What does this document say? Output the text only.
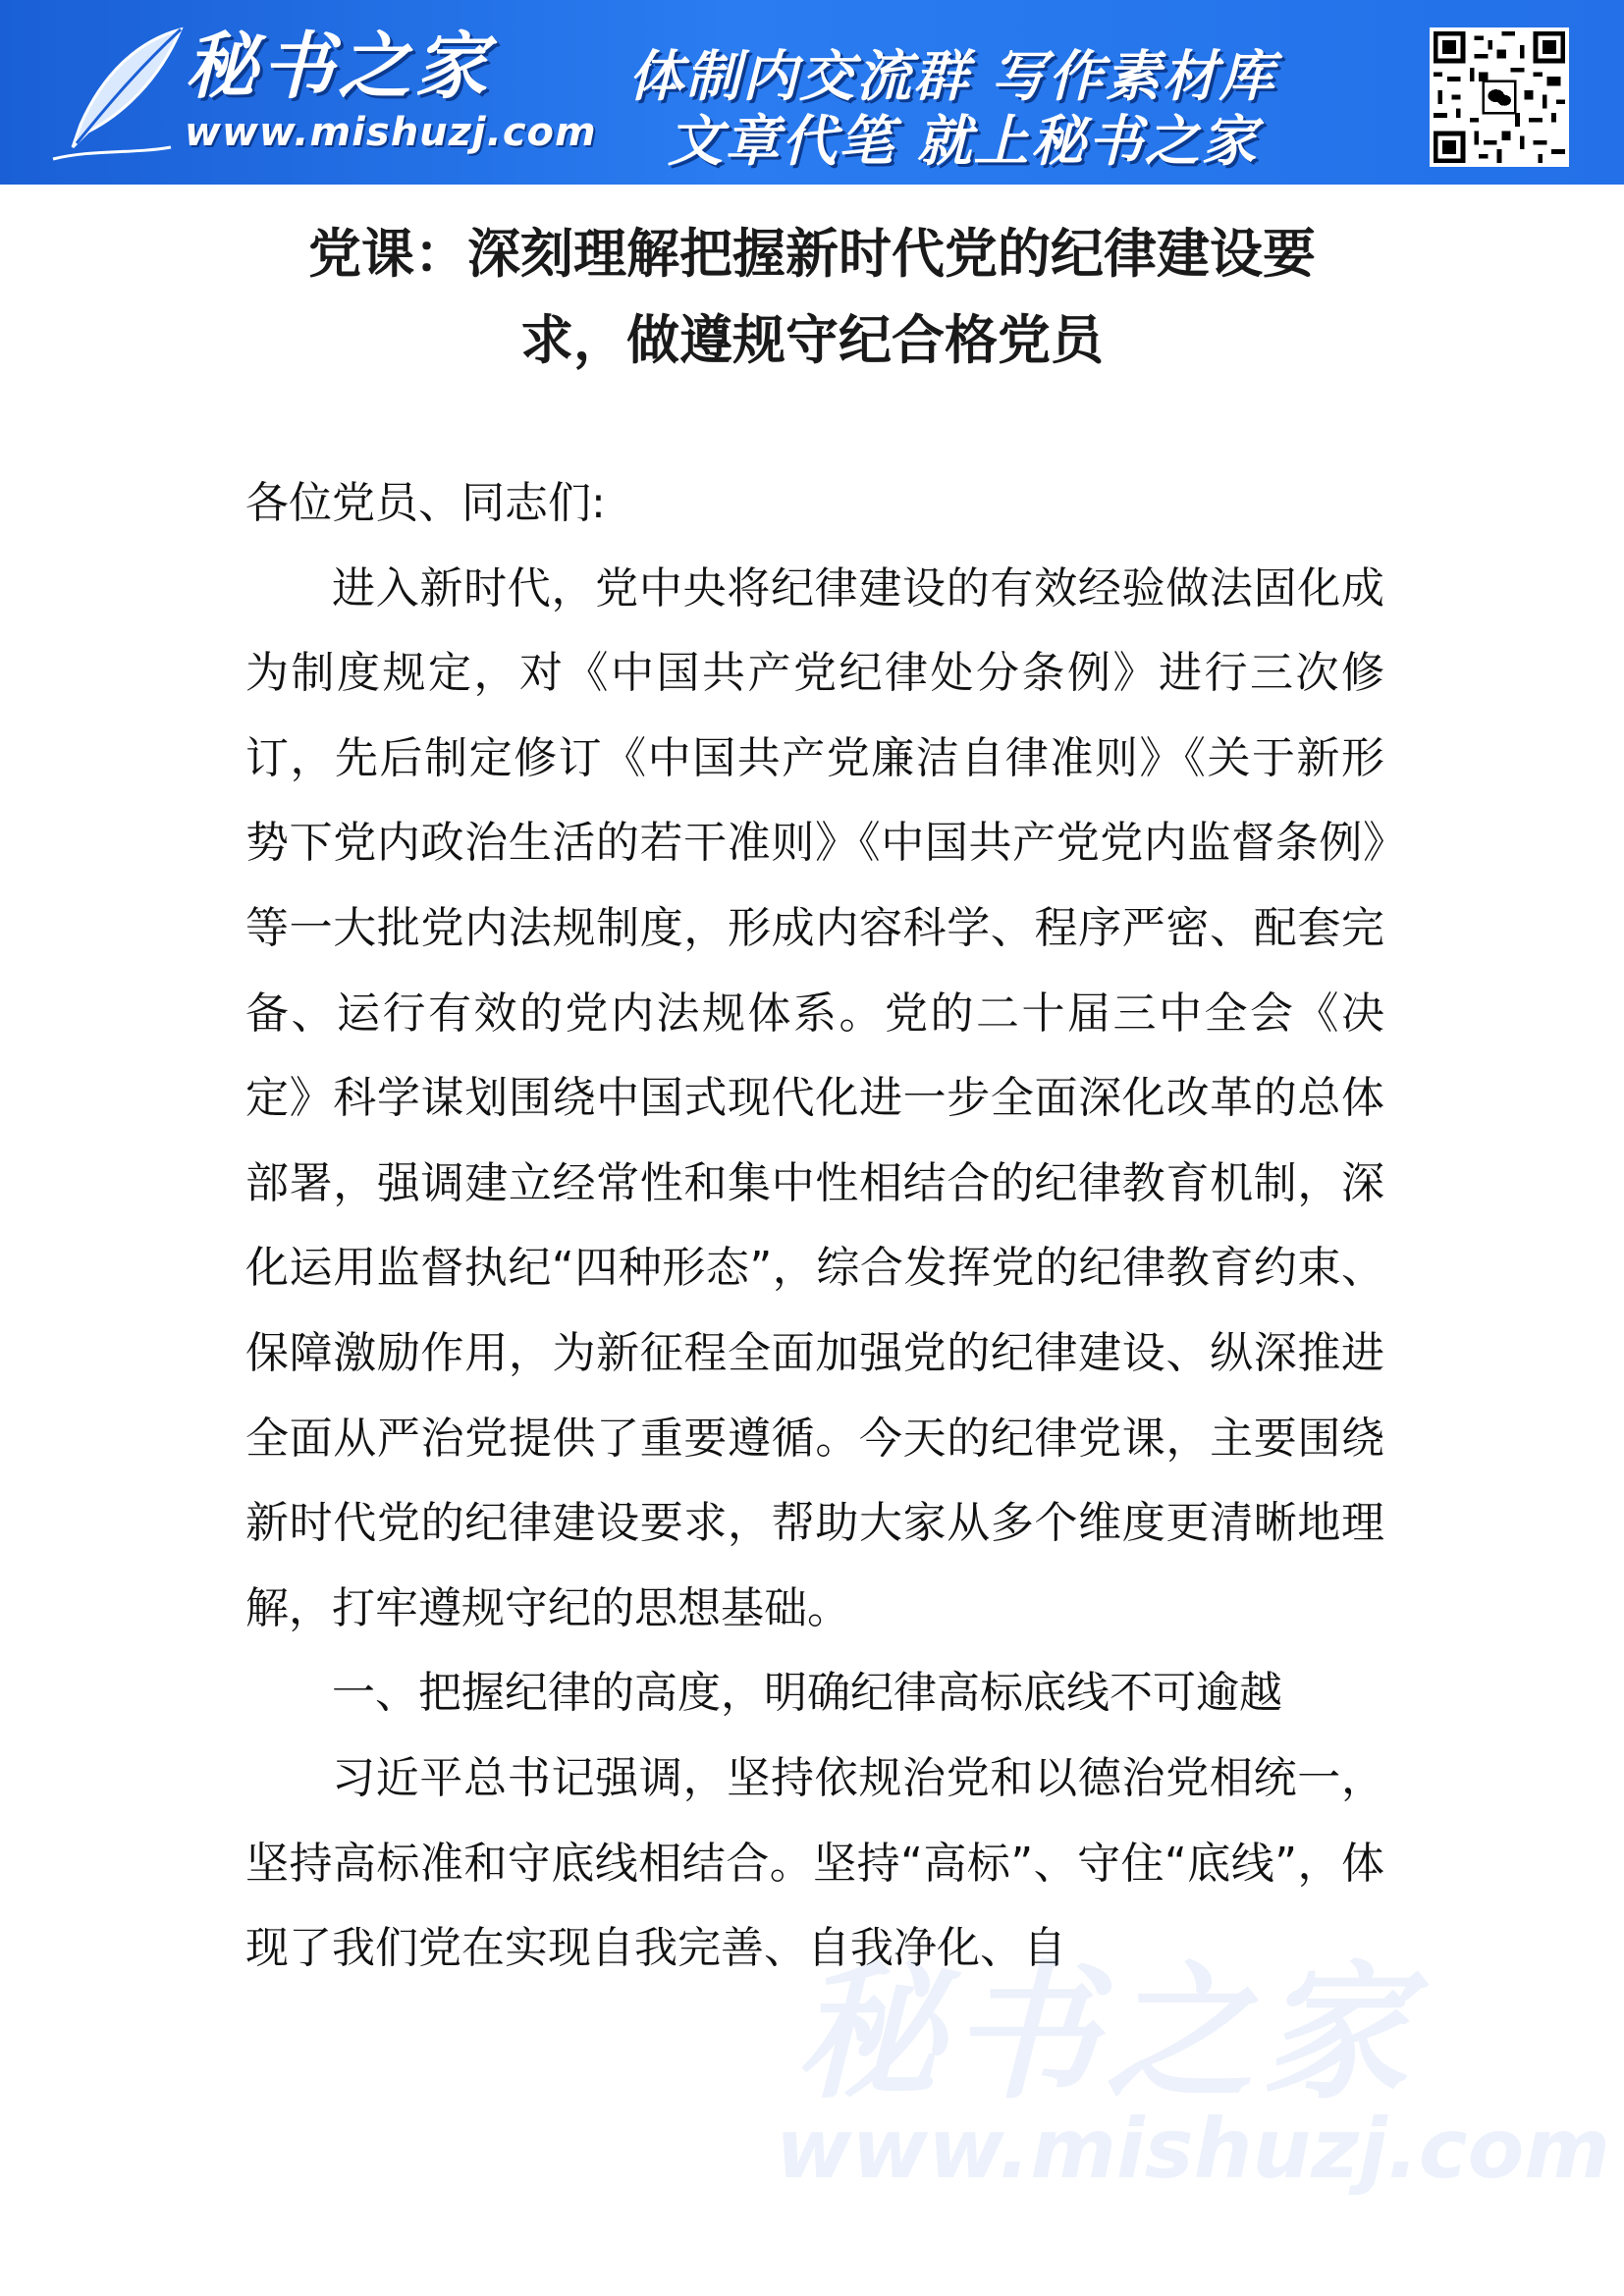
秘书之家
www.mishuzj.com
体制内交流群 写作素材库
文章代笔 就上秘书之家
党课：深刻理解把握新时代党的纪律建设要
求，做遵规守纪合格党员

各位党员、同志们:

进入新时代，党中央将纪律建设的有效经验做法固化成为制度规定，对《中国共产党纪律处分条例》进行三次修订，先后制定修订《中国共产党廉洁自律准则》《关于新形势下党内政治生活的若干准则》《中国共产党党内监督条例》等一大批党内法规制度，形成内容科学、程序严密、配套完备、运行有效的党内法规体系。党的二十届三中全会《决定》科学谋划围绕中国式现代化进一步全面深化改革的总体部署，强调建立经常性和集中性相结合的纪律教育机制，深化运用监督执纪“四种形态”，综合发挥党的纪律教育约束、保障激励作用，为新征程全面加强党的纪律建设、纵深推进全面从严治党提供了重要遵循。今天的纪律党课，主要围绕新时代党的纪律建设要求，帮助大家从多个维度更清晰地理解，打牢遵规守纪的思想基础。

一、把握纪律的高度，明确纪律高标底线不可逾越

习近平总书记强调，坚持依规治党和以德治党相统一，坚持高标准和守底线相结合。坚持“高标”、守住“底线”，体现了我们党在实现自我完善、自我净化、自

秘书之家
www.mishuzj.com
